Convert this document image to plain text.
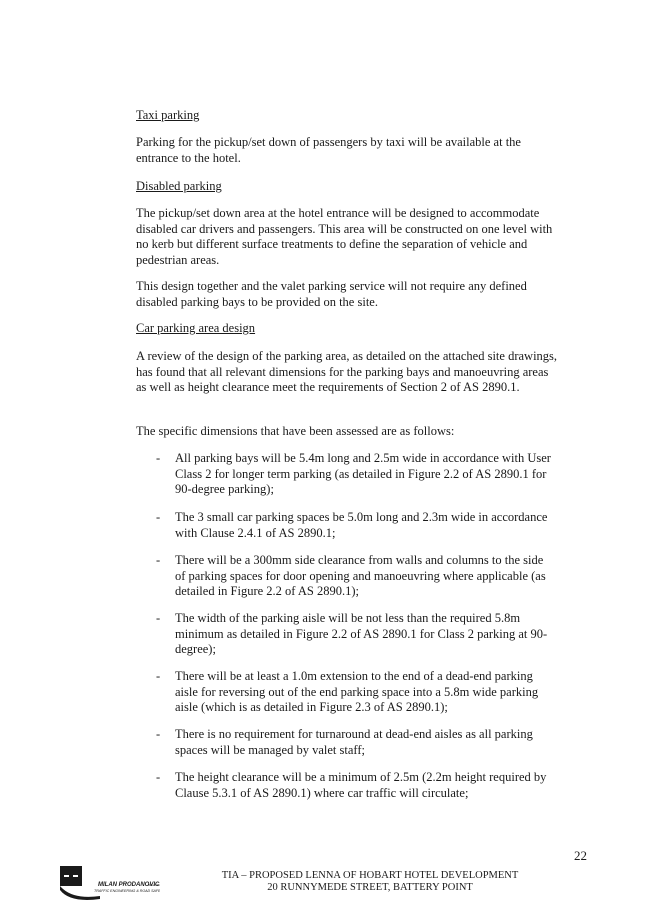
Taxi parking
Parking for the pickup/set down of passengers by taxi will be available at the entrance to the hotel.
Disabled parking
The pickup/set down area at the hotel entrance will be designed to accommodate disabled car drivers and passengers. This area will be constructed on one level with no kerb but different surface treatments to define the separation of vehicle and pedestrian areas.
This design together and the valet parking service will not require any defined disabled parking bays to be provided on the site.
Car parking area design
A review of the design of the parking area, as detailed on the attached site drawings, has found that all relevant dimensions for the parking bays and manoeuvring areas as well as height clearance meet the requirements of Section 2 of AS 2890.1.
The specific dimensions that have been assessed are as follows:
- All parking bays will be 5.4m long and 2.5m wide in accordance with User Class 2 for longer term parking (as detailed in Figure 2.2 of AS 2890.1 for 90-degree parking);
- The 3 small car parking spaces be 5.0m long and 2.3m wide in accordance with Clause 2.4.1 of AS 2890.1;
- There will be a 300mm side clearance from walls and columns to the side of parking spaces for door opening and manoeuvring where applicable (as detailed in Figure 2.2 of AS 2890.1);
- The width of the parking aisle will be not less than the required 5.8m minimum as detailed in Figure 2.2 of AS 2890.1 for Class 2 parking at 90-degree);
- There will be at least a 1.0m extension to the end of a dead-end parking aisle for reversing out of the end parking space into a 5.8m wide parking aisle (which is as detailed in Figure 2.3 of AS 2890.1);
- There is no requirement for turnaround at dead-end aisles as all parking spaces will be managed by valet staff;
- The height clearance will be a minimum of 2.5m (2.2m height required by Clause 5.3.1 of AS 2890.1) where car traffic will circulate;
22
MILAN PRODANOVIC
B.E. P.E
TRAFFIC ENGINEERING & ROAD SAFETY
TIA – PROPOSED LENNA OF HOBART HOTEL DEVELOPMENT
20 RUNNYMEDE STREET, BATTERY POINT
